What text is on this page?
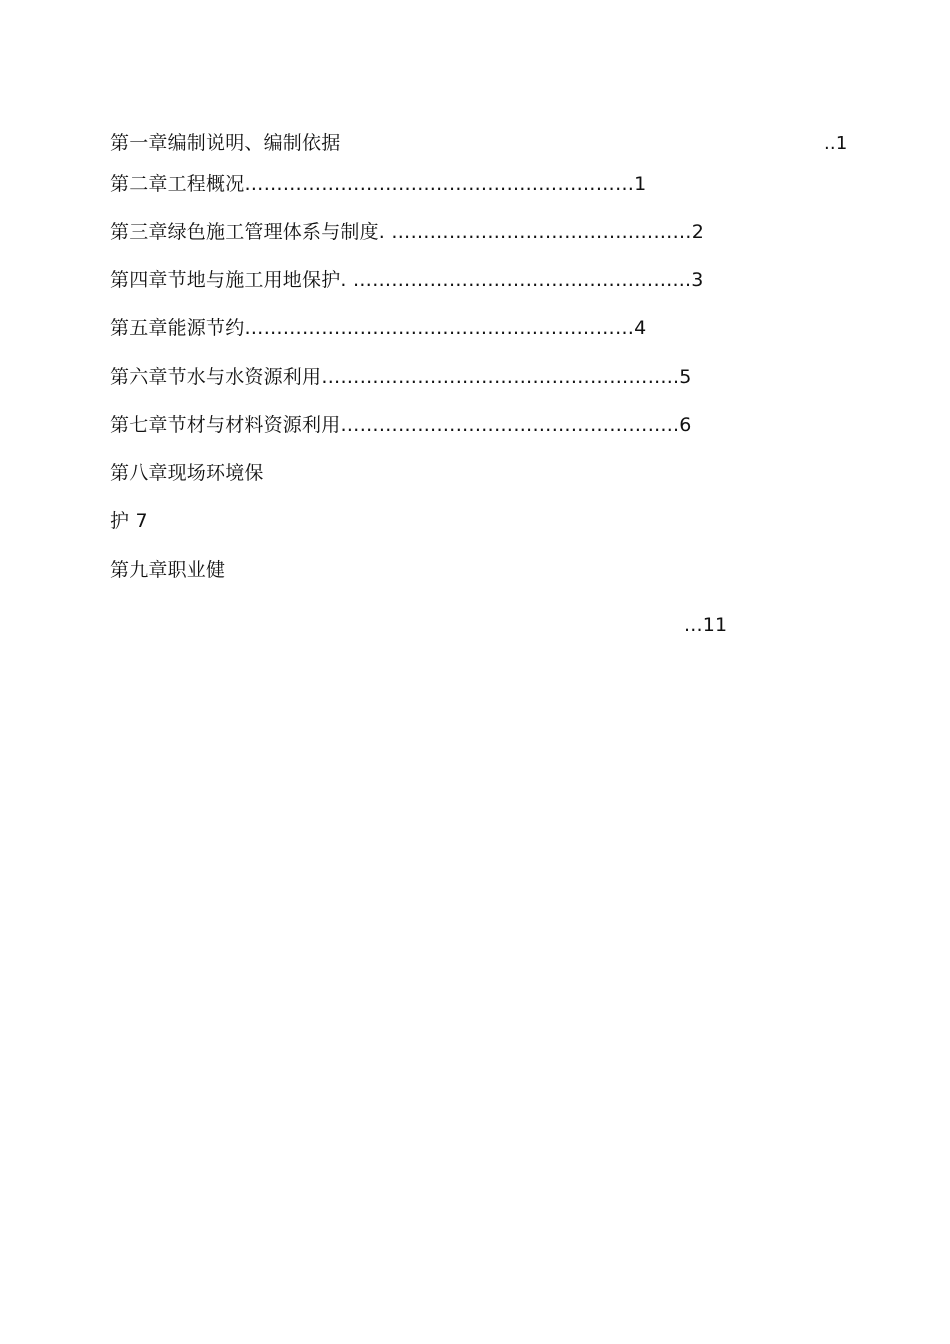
第一章编制说明、编制依据	..1
第二章工程概况………………………..……………..……………1
第三章绿色施工管理体系与制度. ………………………………..………2
第四章节地与施工用地保护. ………………………………..…………...3
第五章能源节约………………………..……………..……………4
第六章节水与水资源利用………………………………………………..5
第七章节材与材料资源利用……………………………………………..6
第八章现场环境保
护 7
第九章职业健
...11
